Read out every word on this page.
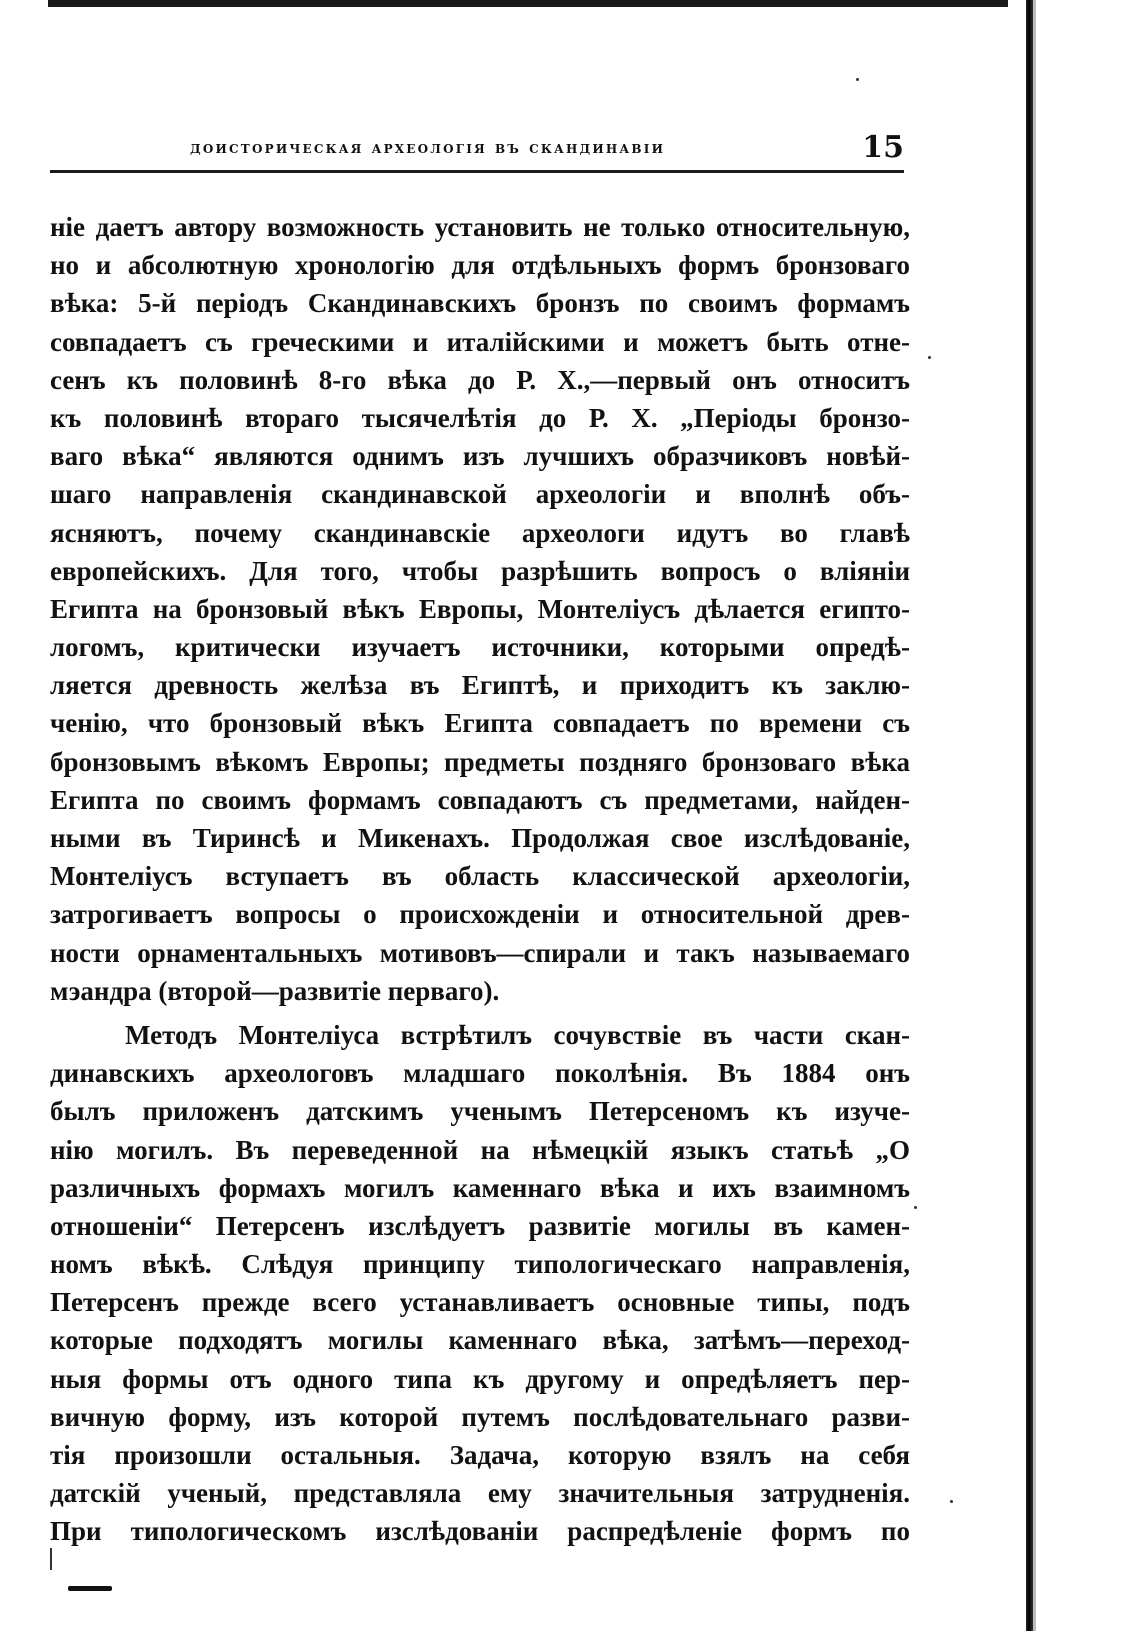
доисторическая археологія въ скандинавіи	15
ніе даетъ автору возможность установить не только относительную,
но и абсолютную хронологію для отдѣльныхъ формъ бронзоваго
вѣка: 5-й періодъ Скандинавскихъ бронзъ по своимъ формамъ
совпадаетъ съ греческими и италійскими и можетъ быть отне-
сенъ къ половинѣ 8-го вѣка до Р. Х.,—первый онъ относитъ
къ половинѣ втораго тысячелѣтія до Р. Х. „Періоды бронзо-
ваго вѣка“ являются однимъ изъ лучшихъ образчиковъ новѣй-
шаго направленія скандинавской археологіи и вполнѣ объ-
ясняютъ, почему скандинавскіе археологи идутъ во главѣ
европейскихъ. Для того, чтобы разрѣшить вопросъ о вліяніи
Египта на бронзовый вѣкъ Европы, Монтеліусъ дѣлается египто-
логомъ, критически изучаетъ источники, которыми опредѣ-
ляется древность желѣза въ Египтѣ, и приходитъ къ заклю-
ченію, что бронзовый вѣкъ Египта совпадаетъ по времени съ
бронзовымъ вѣкомъ Европы; предметы поздняго бронзоваго вѣка
Египта по своимъ формамъ совпадаютъ съ предметами, найден-
ными въ Тиринсѣ и Микенахъ. Продолжая свое изслѣдованіе,
Монтеліусъ вступаетъ въ область классической археологіи,
затрогиваетъ вопросы о происхожденіи и относительной древ-
ности орнаментальныхъ мотивовъ—спирали и такъ называемаго
мэандра (второй—развитіе перваго).
Методъ Монтеліуса встрѣтилъ сочувствіе въ части скан-
динавскихъ археологовъ младшаго поколѣнія. Въ 1884 онъ
былъ приложенъ датскимъ ученымъ Петерсеномъ къ изуче-
нію могилъ. Въ переведенной на нѣмецкій языкъ статьѣ „О
различныхъ формахъ могилъ каменнаго вѣка и ихъ взаимномъ
отношеніи“ Петерсенъ изслѣдуетъ развитіе могилы въ камен-
номъ вѣкѣ. Слѣдуя принципу типологическаго направленія,
Петерсенъ прежде всего устанавливаетъ основные типы, подъ
которые подходятъ могилы каменнаго вѣка, затѣмъ—переход-
ныя формы отъ одного типа къ другому и опредѣляетъ пер-
вичную форму, изъ которой путемъ послѣдовательнаго разви-
тія произошли остальныя. Задача, которую взялъ на себя
датскій ученый, представляла ему значительныя затрудненія.
При типологическомъ изслѣдованіи распредѣленіе формъ по
